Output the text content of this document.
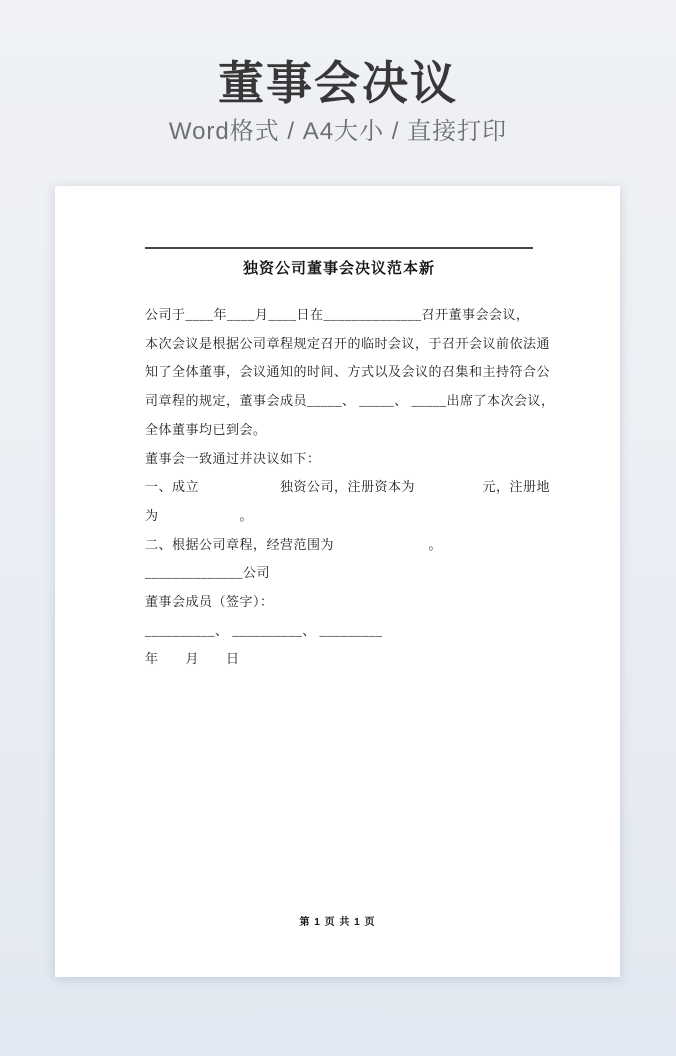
董事会决议

Word格式 / A4大小 / 直接打印

独资公司董事会决议范本新

公司于____年____月____日在______________召开董事会会议，

本次会议是根据公司章程规定召开的临时会议，于召开会议前依法通

知了全体董事，会议通知的时间、方式以及会议的召集和主持符合公

司章程的规定，董事会成员_____、 _____、 _____出席了本次会议，

全体董事均已到会。

董事会一致通过并决议如下：

一、成立　　　　　　独资公司，注册资本为　　　　　元，注册地

为　　　　　　。

二、根据公司章程，经营范围为　　　　　　　。

______________公司

董事会成员（签字）：

__________、 __________、 _________

年　　月　　日

第 1 页 共 1 页
